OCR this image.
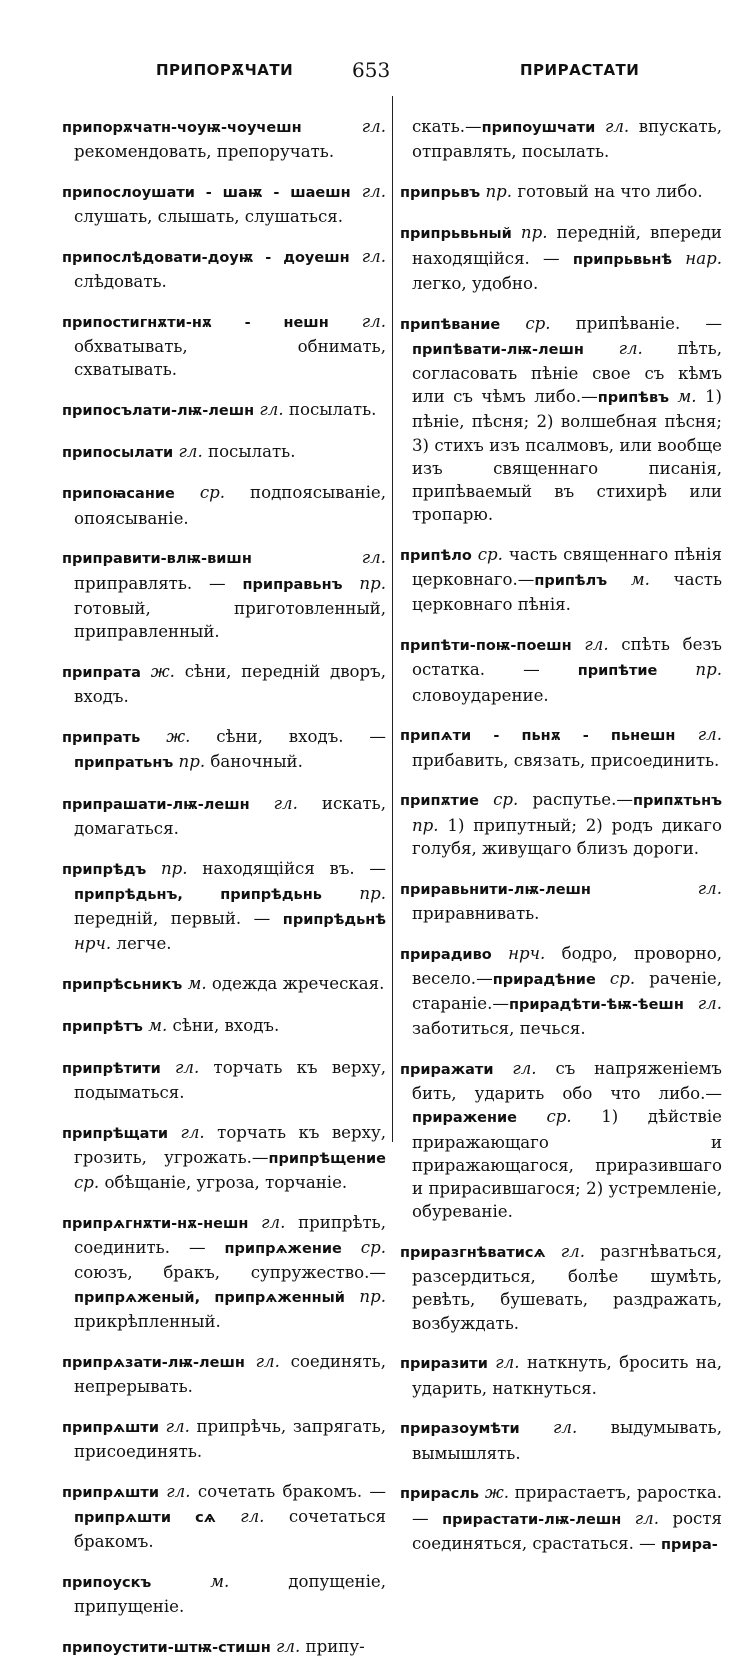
ПРИПОРѪЧАТИ	653	ПРИРАСТАТИ

припорѫчатн-чоуѭ-чоучешн	гл. рекомендовать, препоручать.

припослоушати - шаѭ - шаешн гл. слушать, слышать, слушаться.

припослѣдовати-доуѭ - доуешн гл. слѣдовать.

припостигнѫти-нѫ - нешн гл. обхватывать, обнимать, схватывать.

припосълати-лѭ-лешн гл. посылать.

припосылати гл. посылать.

припоꙗсание ср. подпоясываніе, опоясываніе.

приправити-влѭ-вишн	гл. приправлять. — приправьнъ пр. готовый, приготовленный, приправленный.

припрата ж. сѣни, передній дворъ, входъ.

припрать ж. сѣни, входъ. — припратьнъ пр. баночный.

припрашати-лѭ-лешн гл. искать, домагаться.

припрѣдъ пр. находящійся въ. — припрѣдьнъ, припрѣдьнь пр. передній, первый. — припрѣдьнѣ нрч. легче.

припрѣсьникъ м. одежда жреческая.

припрѣтъ м. сѣни, входъ.

припрѣтити гл. торчать къ верху, подыматься.

припрѣщати гл. торчать къ верху, грозить, угрожать.—припрѣщение ср. обѣщаніе, угроза, торчаніе.

припрѧгнѫти-нѫ-нешн гл. припрѣть, соединить. — припрѧжение ср. союзъ, бракъ, супружество.—припрѧженый, припрѧженный пр. прикрѣпленный.

припрѧзати-лѭ-лешн гл. соединять, непрерывать.

припрѧшти гл. припрѣчь, запрягать, присоединять.

припрѧшти гл. сочетать бракомъ. — припрѧшти сѧ гл. сочетаться бракомъ.

припоускъ	м. допущеніе, припущеніе.

припоустити-штѭ-стишн гл. припу-

скать.—припоушчати гл. впускать, отправлять, посылать.

припрьвъ пр. готовый на что либо.

припрьвьный пр. передній, впереди находящійся. — припрьвьнѣ нар. легко, удобно.

припѣвание ср. припѣваніе. — припѣвати-лѭ-лешн гл. пѣть, согласовать пѣніе свое съ кѣмъ или съ чѣмъ либо.—припѣвъ м. 1) пѣніе, пѣсня; 2) волшебная пѣсня; 3) стихъ изъ псалмовъ, или вообще изъ священнаго писанія, припѣваемый въ стихирѣ или тропарю.

припѣло ср. часть священнаго пѣнія церковнаго.—припѣлъ м. часть церковнаго пѣнія.

припѣти-поѭ-поешн гл. спѣть безъ остатка. — припѣтие пр. словоударение.

припѧти - пьнѫ - пьнешн гл. прибавить, связать, присоединить.

припѫтие ср. распутье.—припѫтьнъ пр. 1) припутный; 2) родъ дикаго голубя, живущаго близъ дороги.

приравьнити-лѭ-лешн	гл. приравнивать.

прирадиво нрч. бодро, проворно, весело.—прирадѣние ср. раченіе, стараніе.—прирадѣти-ѣѭ-ѣешн гл. заботиться, печься.

приражати гл. съ напряженіемъ бить, ударить обо что либо.—приражение ср. 1) дѣйствіе приражающаго и приражающагося, приразившаго и прирасившагося; 2) устремленіе, обуреваніе.

приразгнѣватисѧ гл. разгнѣваться, разсердиться, болѣе шумѣть, ревѣть, бушевать, раздражать, возбуждать.

приразити гл. наткнуть, бросить на, ударить, наткнуться.

приразоумѣти гл. выдумывать, вымышлять.

прирасль ж. прирастаетъ, раростка. — прирастати-лѭ-лешн гл. ростя соединяться, срастаться. — прира-
